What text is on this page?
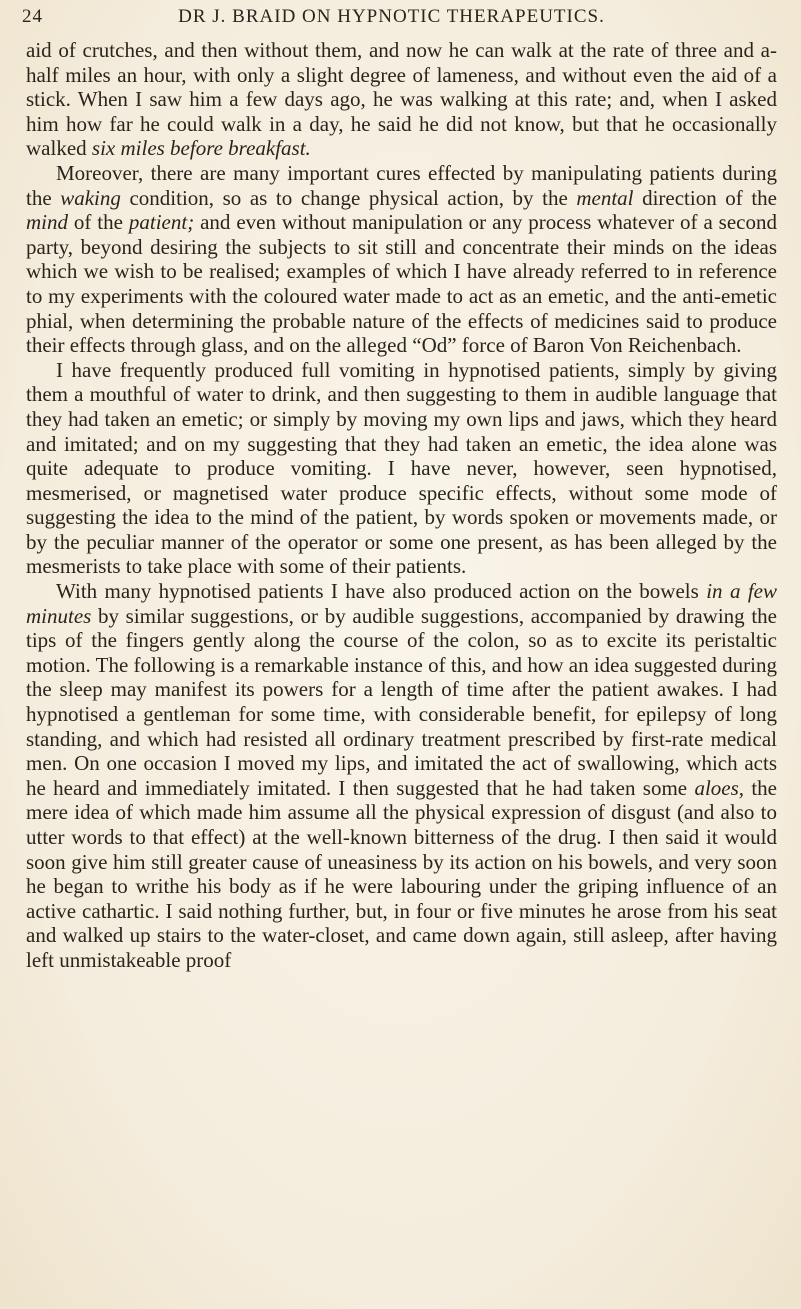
24	DR J. BRAID ON HYPNOTIC THERAPEUTICS.

aid of crutches, and then without them, and now he can walk at the rate of three and a-half miles an hour, with only a slight degree of lameness, and without even the aid of a stick. When I saw him a few days ago, he was walking at this rate; and, when I asked him how far he could walk in a day, he said he did not know, but that he occasionally walked six miles before breakfast.

Moreover, there are many important cures effected by manipulating patients during the waking condition, so as to change physical action, by the mental direction of the mind of the patient; and even without manipulation or any process whatever of a second party, beyond desiring the subjects to sit still and concentrate their minds on the ideas which we wish to be realised; examples of which I have already referred to in reference to my experiments with the coloured water made to act as an emetic, and the anti-emetic phial, when determining the probable nature of the effects of medicines said to produce their effects through glass, and on the alleged “Od” force of Baron Von Reichenbach.

I have frequently produced full vomiting in hypnotised patients, simply by giving them a mouthful of water to drink, and then suggesting to them in audible language that they had taken an emetic; or simply by moving my own lips and jaws, which they heard and imitated; and on my suggesting that they had taken an emetic, the idea alone was quite adequate to produce vomiting. I have never, however, seen hypnotised, mesmerised, or magnetised water produce specific effects, without some mode of suggesting the idea to the mind of the patient, by words spoken or movements made, or by the peculiar manner of the operator or some one present, as has been alleged by the mesmerists to take place with some of their patients.

With many hypnotised patients I have also produced action on the bowels in a few minutes by similar suggestions, or by audible suggestions, accompanied by drawing the tips of the fingers gently along the course of the colon, so as to excite its peristaltic motion. The following is a remarkable instance of this, and how an idea suggested during the sleep may manifest its powers for a length of time after the patient awakes. I had hypnotised a gentleman for some time, with considerable benefit, for epilepsy of long standing, and which had resisted all ordinary treatment prescribed by first-rate medical men. On one occasion I moved my lips, and imitated the act of swallowing, which acts he heard and immediately imitated. I then suggested that he had taken some aloes, the mere idea of which made him assume all the physical expression of disgust (and also to utter words to that effect) at the well-known bitterness of the drug. I then said it would soon give him still greater cause of uneasiness by its action on his bowels, and very soon he began to writhe his body as if he were labouring under the griping influence of an active cathartic. I said nothing further, but, in four or five minutes he arose from his seat and walked up stairs to the water-closet, and came down again, still asleep, after having left unmistakeable proof
